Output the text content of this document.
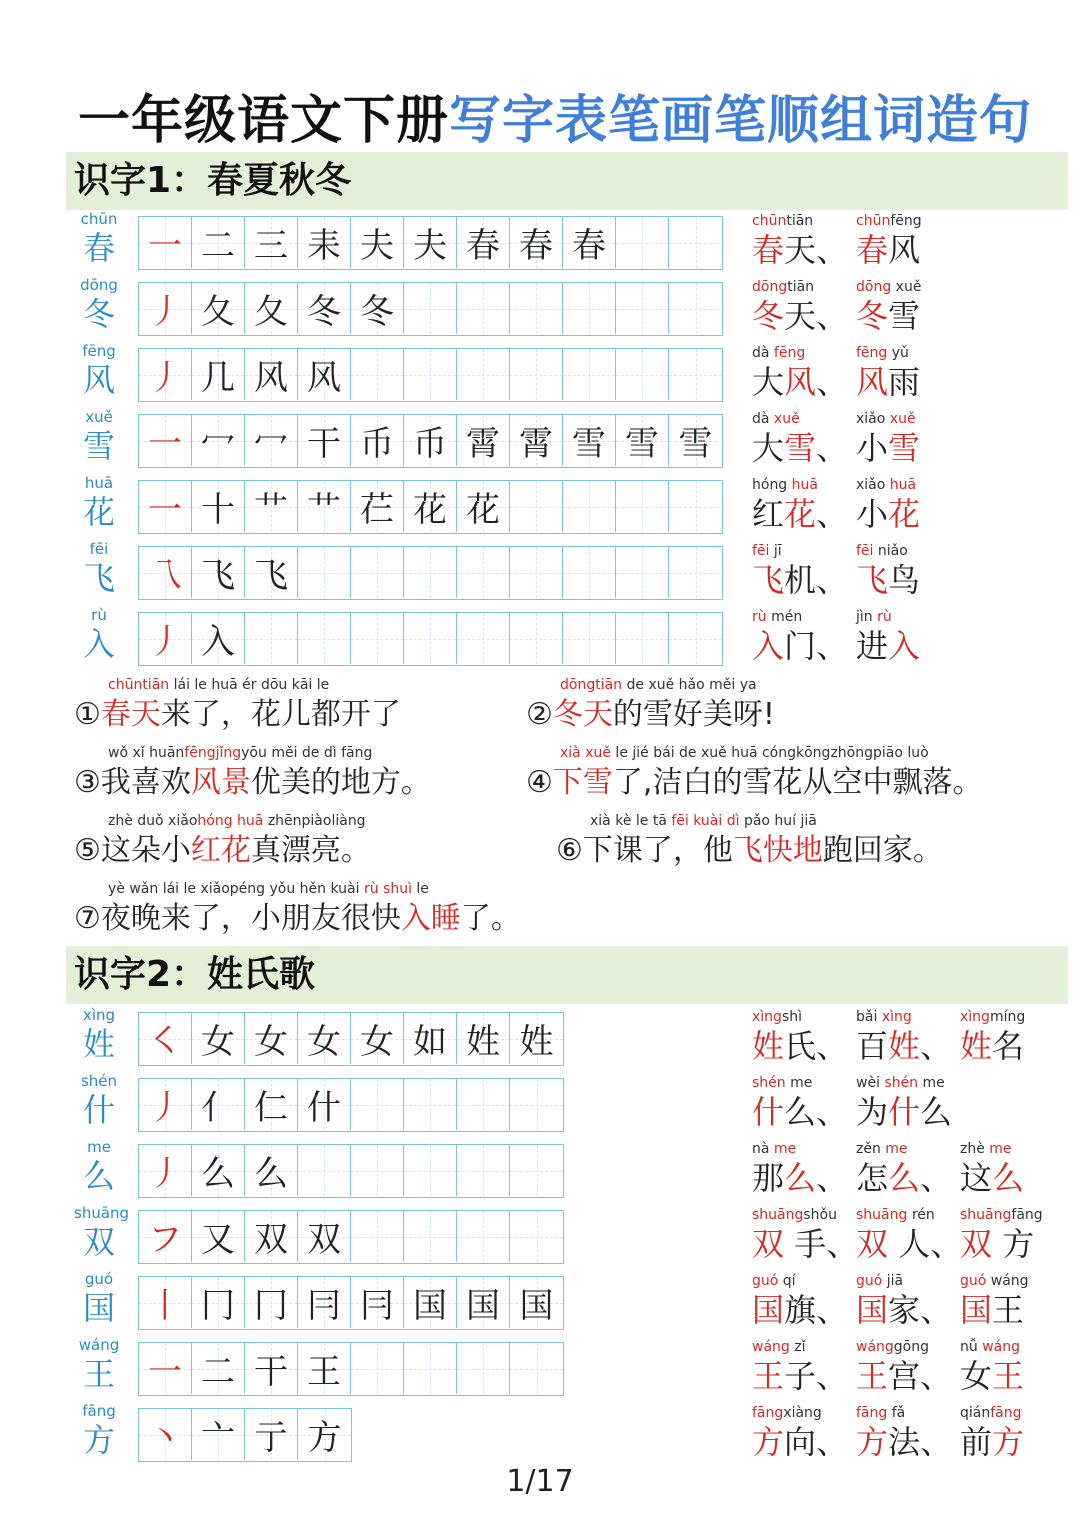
一年级语文下册写字表笔画笔顺组词造句
识字1：春夏秋冬
chūn
春 一 二 三 耒 夫 夫 春 春 春
chūntiān
春天、
chūnfēng
春风
dōng
冬 丿 夂 夂 冬 冬
dōngtiān
冬天、
dōng xuě
冬雪
fēng
风 丿 几 风 风
dà fēng
大风、
fēng yǔ
风雨
xuě
雪 一 冖 冖 干 币 币 霄 霄 雪 雪 雪
dà xuě
大雪、
xiǎo xuě
小雪
huā
花 一 十 艹 艹 芢 花 花
hóng huā
红花、
xiǎo huā
小花
fēi
飞 乁 飞 飞
fēi jī
飞机、
fēi niǎo
飞鸟
rù
入 丿 入
rù mén
入门、
jìn rù
进入
chūntiān lái le huā ér dōu kāi le
①春天来了，花儿都开了
dōngtiān de xuě hǎo měi ya
②冬天的雪好美呀!
wǒ xǐ huānfēngjǐngyōu měi de dì fāng
③我喜欢风景优美的地方。
xià xuě le jié bái de xuě huā cóngkōngzhōngpiāo luò
④下雪了,洁白的雪花从空中飘落。
zhè duǒ xiǎohóng huā zhēnpiàoliàng
⑤这朵小红花真漂亮。
xià kè le tā fēi kuài dì pǎo huí jiā
⑥下课了，他飞快地跑回家。
yè wǎn lái le xiǎopéng yǒu hěn kuài rù shuì le
⑦夜晚来了，小朋友很快入睡了。
识字2：姓氏歌
xìng
姓 ㇛ 女 女 女 女 如 姓 姓
xìngshì
姓氏、
bǎi xìng
百姓、
xìngmíng
姓名
shén
什 丿 亻 仁 什
shén me
什么、
wèi shén me
为什么
me
么 丿 么 么
nà me
那么、
zěn me
怎么、
zhè me
这么
shuāng
双 フ 又 双 双
shuāngshǒu
双 手、
shuāng rén
双 人、
shuāngfāng
双 方
guó
国 丨 冂 冂 冃 冃 国 国 国
guó qí
国旗、
guó jiā
国家、
guó wáng
国王
wáng
王 一 二 干 王
wáng zǐ
王子、
wánggōng
王宫、
nǚ wáng
女王
fāng
方 丶 亠 亍 方
fāngxiàng
方向、
fāng fǎ
方法、
qiánfāng
前方
1/17
